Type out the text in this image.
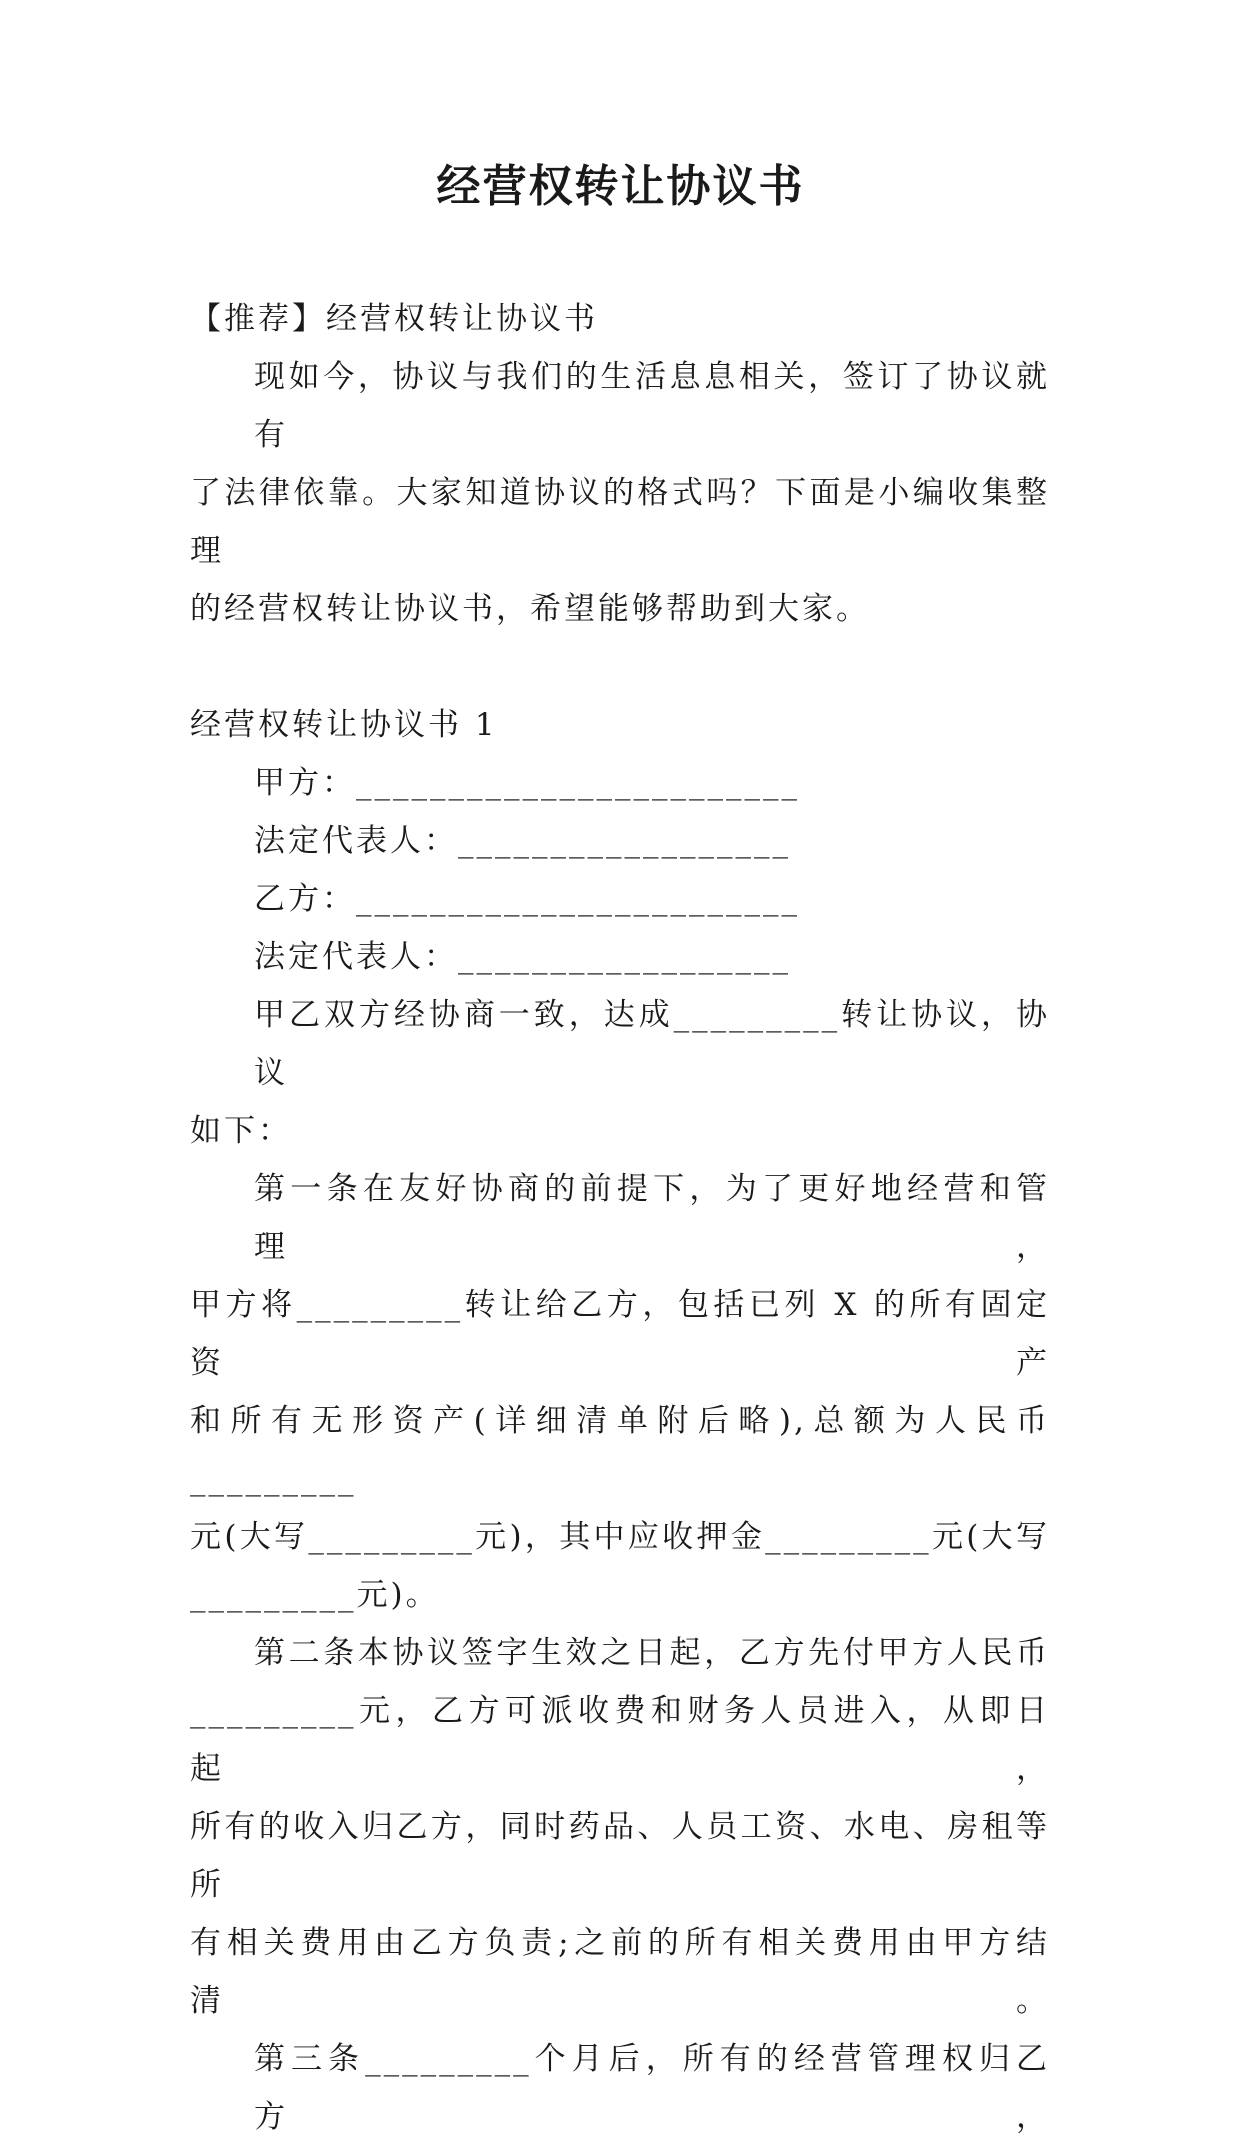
经营权转让协议书
【推荐】经营权转让协议书
现如今，协议与我们的生活息息相关，签订了协议就有
了法律依靠。大家知道协议的格式吗？下面是小编收集整理
的经营权转让协议书，希望能够帮助到大家。
经营权转让协议书 1
甲方：________________________
法定代表人：__________________
乙方：________________________
法定代表人：__________________
甲乙双方经协商一致，达成_________转让协议，协议
如下：
第一条在友好协商的前提下，为了更好地经营和管理，
甲方将_________转让给乙方，包括已列 X 的所有固定资产
和所有无形资产(详细清单附后略),总额为人民币_________
元(大写_________元)，其中应收押金_________元(大写
_________元)。
第二条本协议签字生效之日起，乙方先付甲方人民币
_________元，乙方可派收费和财务人员进入，从即日起，
所有的收入归乙方，同时药品、人员工资、水电、房租等所
有相关费用由乙方负责;之前的所有相关费用由甲方结清。
第三条_________个月后，所有的经营管理权归乙方，
